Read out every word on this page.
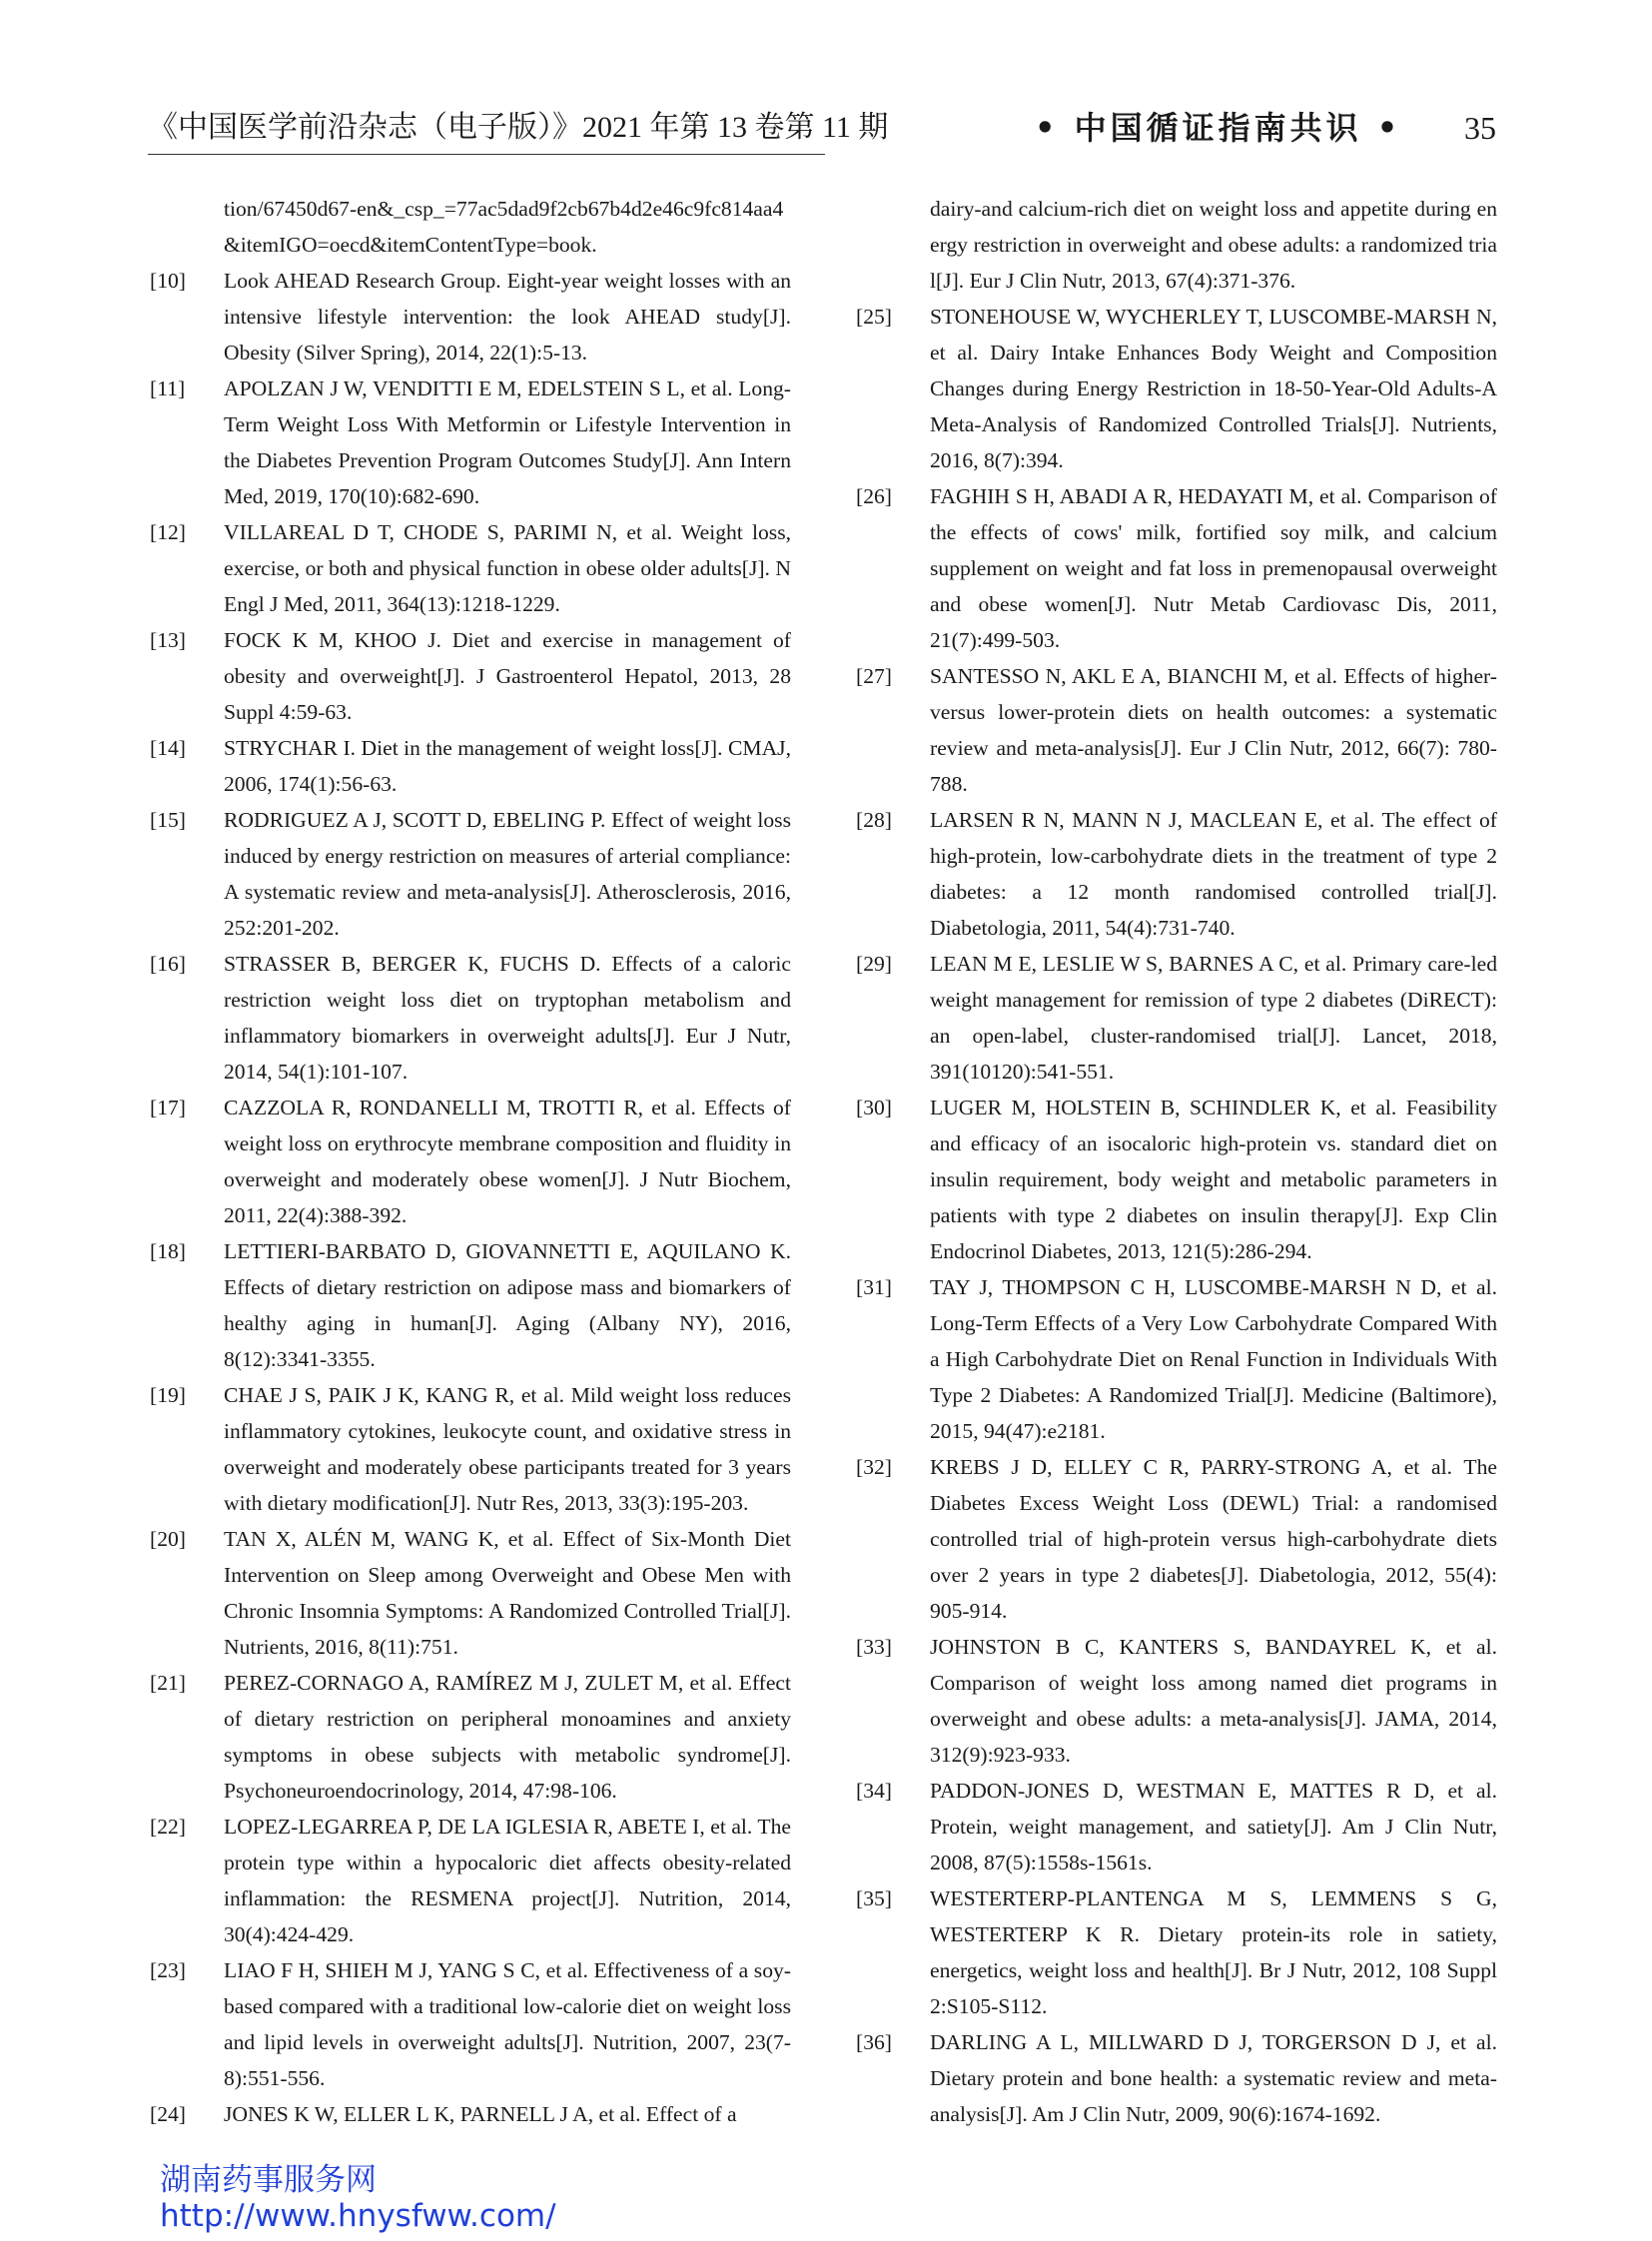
《中国医学前沿杂志（电子版）》2021 年第 13 卷第 11 期	• 中国循证指南共识 • 35
tion/67450d67-en&_csp_=77ac5dad9f2cb67b4d2e46c9fc814aa4&itemIGO=oecd&itemContentType=book.
[10] Look AHEAD Research Group. Eight-year weight losses with an intensive lifestyle intervention: the look AHEAD study[J]. Obesity (Silver Spring), 2014, 22(1):5-13.
[11] APOLZAN J W, VENDITTI E M, EDELSTEIN S L, et al. Long-Term Weight Loss With Metformin or Lifestyle Intervention in the Diabetes Prevention Program Outcomes Study[J]. Ann Intern Med, 2019, 170(10):682-690.
[12] VILLAREAL D T, CHODE S, PARIMI N, et al. Weight loss, exercise, or both and physical function in obese older adults[J]. N Engl J Med, 2011, 364(13):1218-1229.
[13] FOCK K M, KHOO J. Diet and exercise in management of obesity and overweight[J]. J Gastroenterol Hepatol, 2013, 28 Suppl 4:59-63.
[14] STRYCHAR I. Diet in the management of weight loss[J]. CMAJ, 2006, 174(1):56-63.
[15] RODRIGUEZ A J, SCOTT D, EBELING P. Effect of weight loss induced by energy restriction on measures of arterial compliance: A systematic review and meta-analysis[J]. Atherosclerosis, 2016, 252:201-202.
[16] STRASSER B, BERGER K, FUCHS D. Effects of a caloric restriction weight loss diet on tryptophan metabolism and inflammatory biomarkers in overweight adults[J]. Eur J Nutr, 2014, 54(1):101-107.
[17] CAZZOLA R, RONDANELLI M, TROTTI R, et al. Effects of weight loss on erythrocyte membrane composition and fluidity in overweight and moderately obese women[J]. J Nutr Biochem, 2011, 22(4):388-392.
[18] LETTIERI-BARBATO D, GIOVANNETTI E, AQUILANO K. Effects of dietary restriction on adipose mass and biomarkers of healthy aging in human[J]. Aging (Albany NY), 2016, 8(12):3341-3355.
[19] CHAE J S, PAIK J K, KANG R, et al. Mild weight loss reduces inflammatory cytokines, leukocyte count, and oxidative stress in overweight and moderately obese participants treated for 3 years with dietary modification[J]. Nutr Res, 2013, 33(3):195-203.
[20] TAN X, ALÉN M, WANG K, et al. Effect of Six-Month Diet Intervention on Sleep among Overweight and Obese Men with Chronic Insomnia Symptoms: A Randomized Controlled Trial[J]. Nutrients, 2016, 8(11):751.
[21] PEREZ-CORNAGO A, RAMÍREZ M J, ZULET M, et al. Effect of dietary restriction on peripheral monoamines and anxiety symptoms in obese subjects with metabolic syndrome[J]. Psychoneuroendocrinology, 2014, 47:98-106.
[22] LOPEZ-LEGARREA P, DE LA IGLESIA R, ABETE I, et al. The protein type within a hypocaloric diet affects obesity-related inflammation: the RESMENA project[J]. Nutrition, 2014, 30(4):424-429.
[23] LIAO F H, SHIEH M J, YANG S C, et al. Effectiveness of a soy-based compared with a traditional low-calorie diet on weight loss and lipid levels in overweight adults[J]. Nutrition, 2007, 23(7-8):551-556.
[24] JONES K W, ELLER L K, PARNELL J A, et al. Effect of a
dairy-and calcium-rich diet on weight loss and appetite during energy restriction in overweight and obese adults: a randomized trial[J]. Eur J Clin Nutr, 2013, 67(4):371-376.
[25] STONEHOUSE W, WYCHERLEY T, LUSCOMBE-MARSH N, et al. Dairy Intake Enhances Body Weight and Composition Changes during Energy Restriction in 18-50-Year-Old Adults-A Meta-Analysis of Randomized Controlled Trials[J]. Nutrients, 2016, 8(7):394.
[26] FAGHIH S H, ABADI A R, HEDAYATI M, et al. Comparison of the effects of cows' milk, fortified soy milk, and calcium supplement on weight and fat loss in premenopausal overweight and obese women[J]. Nutr Metab Cardiovasc Dis, 2011, 21(7):499-503.
[27] SANTESSO N, AKL E A, BIANCHI M, et al. Effects of higher- versus lower-protein diets on health outcomes: a systematic review and meta-analysis[J]. Eur J Clin Nutr, 2012, 66(7): 780-788.
[28] LARSEN R N, MANN N J, MACLEAN E, et al. The effect of high-protein, low-carbohydrate diets in the treatment of type 2 diabetes: a 12 month randomised controlled trial[J]. Diabetologia, 2011, 54(4):731-740.
[29] LEAN M E, LESLIE W S, BARNES A C, et al. Primary care-led weight management for remission of type 2 diabetes (DiRECT): an open-label, cluster-randomised trial[J]. Lancet, 2018, 391(10120):541-551.
[30] LUGER M, HOLSTEIN B, SCHINDLER K, et al. Feasibility and efficacy of an isocaloric high-protein vs. standard diet on insulin requirement, body weight and metabolic parameters in patients with type 2 diabetes on insulin therapy[J]. Exp Clin Endocrinol Diabetes, 2013, 121(5):286-294.
[31] TAY J, THOMPSON C H, LUSCOMBE-MARSH N D, et al. Long-Term Effects of a Very Low Carbohydrate Compared With a High Carbohydrate Diet on Renal Function in Individuals With Type 2 Diabetes: A Randomized Trial[J]. Medicine (Baltimore), 2015, 94(47):e2181.
[32] KREBS J D, ELLEY C R, PARRY-STRONG A, et al. The Diabetes Excess Weight Loss (DEWL) Trial: a randomised controlled trial of high-protein versus high-carbohydrate diets over 2 years in type 2 diabetes[J]. Diabetologia, 2012, 55(4): 905-914.
[33] JOHNSTON B C, KANTERS S, BANDAYREL K, et al. Comparison of weight loss among named diet programs in overweight and obese adults: a meta-analysis[J]. JAMA, 2014, 312(9):923-933.
[34] PADDON-JONES D, WESTMAN E, MATTES R D, et al. Protein, weight management, and satiety[J]. Am J Clin Nutr, 2008, 87(5):1558s-1561s.
[35] WESTERTERP-PLANTENGA M S, LEMMENS S G, WESTERTERP K R. Dietary protein-its role in satiety, energetics, weight loss and health[J]. Br J Nutr, 2012, 108 Suppl 2:S105-S112.
[36] DARLING A L, MILLWARD D J, TORGERSON D J, et al. Dietary protein and bone health: a systematic review and meta-analysis[J]. Am J Clin Nutr, 2009, 90(6):1674-1692.
湖南药事服务网
http://www.hnysfww.com/
